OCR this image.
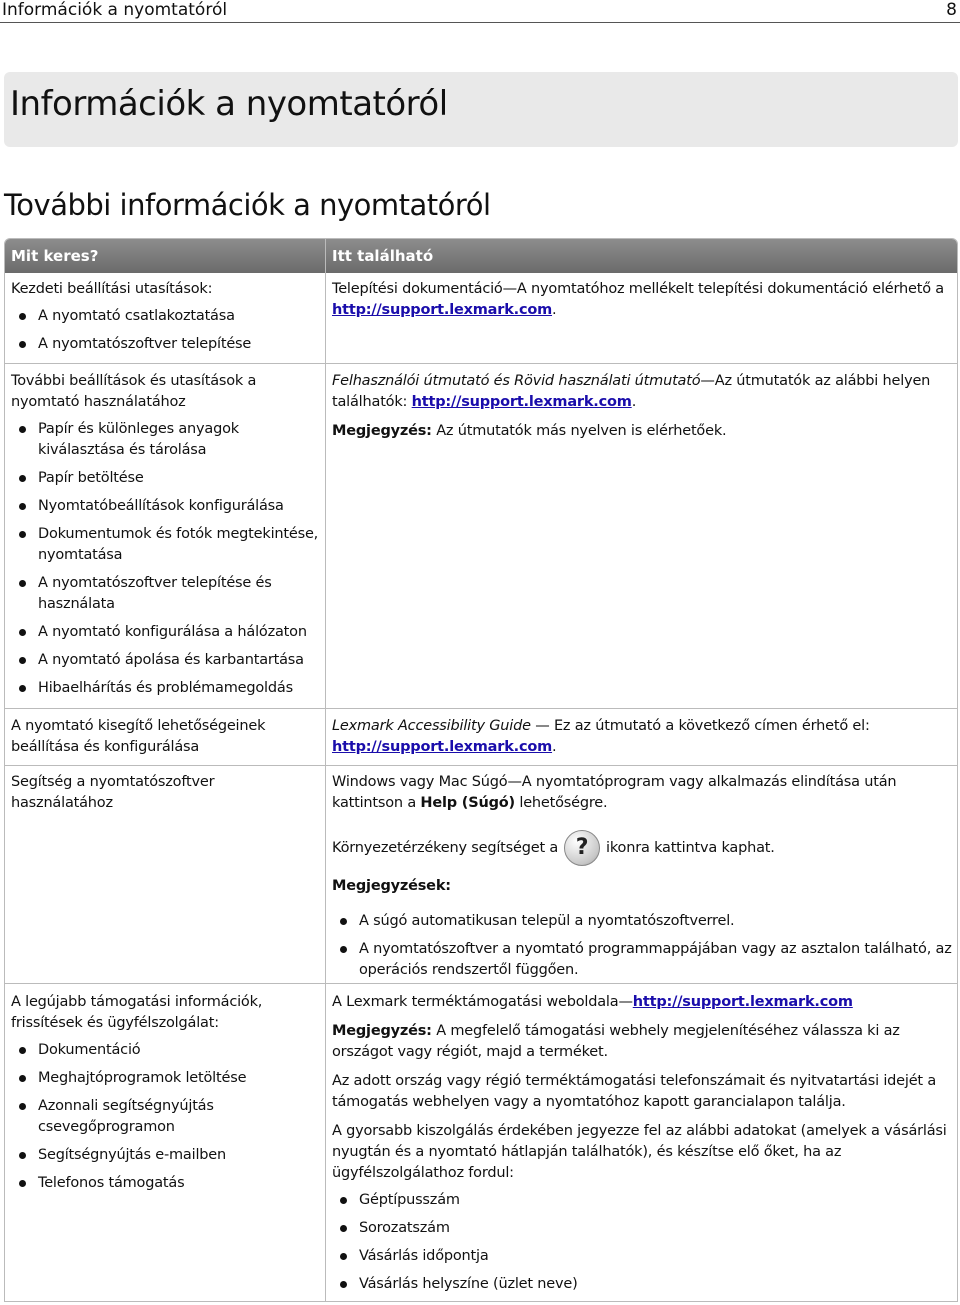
Információk a nyomtatóról	8
Információk a nyomtatóról
További információk a nyomtatóról
Mit keres?	Itt található

Kezdeti beállítási utasítások:

A nyomtató csatlakoztatása
A nyomtatószoftver telepítése

Telepítési dokumentáció—A nyomtatóhoz mellékelt telepítési dokumentáció elérhető a http://support.lexmark.com.

További beállítások és utasítások a nyomtató használatához

Papír és különleges anyagok kiválasztása és tárolása
Papír betöltése
Nyomtatóbeállítások konfigurálása
Dokumentumok és fotók megtekintése, nyomtatása
A nyomtatószoftver telepítése és használata
A nyomtató konfigurálása a hálózaton
A nyomtató ápolása és karbantartása
Hibaelhárítás és problémamegoldás

Felhasználói útmutató és Rövid használati útmutató—Az útmutatók az alábbi helyen találhatók: http://support.lexmark.com.

Megjegyzés: Az útmutatók más nyelven is elérhetőek.

A nyomtató kisegítő lehetőségeinek beállítása és konfigurálása

Lexmark Accessibility Guide — Ez az útmutató a következő címen érhető el: http://support.lexmark.com.

Segítség a nyomtatószoftver használatához

Windows vagy Mac Súgó—A nyomtatóprogram vagy alkalmazás elindítása után kattintson a Help (Súgó) lehetőségre.

Környezetérzékeny segítséget a ? ikonra kattintva kaphat.

Megjegyzések:

A súgó automatikusan települ a nyomtatószoftverrel.
A nyomtatószoftver a nyomtató programmappájában vagy az asztalon található, az operációs rendszertől függően.

A legújabb támogatási információk, frissítések és ügyfélszolgálat:

Dokumentáció
Meghajtóprogramok letöltése
Azonnali segítségnyújtás csevegőprogramon
Segítségnyújtás e-mailben
Telefonos támogatás

A Lexmark terméktámogatási weboldala—http://support.lexmark.com

Megjegyzés: A megfelelő támogatási webhely megjelenítéséhez válassza ki az országot vagy régiót, majd a terméket.

Az adott ország vagy régió terméktámogatási telefonszámait és nyitvatartási idejét a támogatás webhelyen vagy a nyomtatóhoz kapott garancialapon találja.

A gyorsabb kiszolgálás érdekében jegyezze fel az alábbi adatokat (amelyek a vásárlási nyugtán és a nyomtató hátlapján találhatók), és készítse elő őket, ha az ügyfélszolgálathoz fordul:

Géptípusszám
Sorozatszám
Vásárlás időpontja
Vásárlás helyszíne (üzlet neve)
